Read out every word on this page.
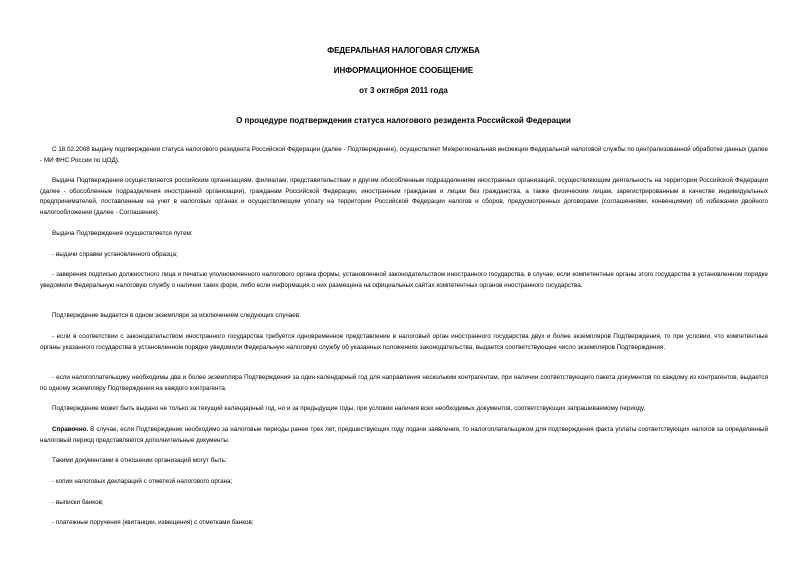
ФЕДЕРАЛЬНАЯ НАЛОГОВАЯ СЛУЖБА
ИНФОРМАЦИОННОЕ СООБЩЕНИЕ
от 3 октября 2011 года
О процедуре подтверждения статуса налогового резидента Российской Федерации

С 18.02.2008 выдачу подтверждения статуса налогового резидента Российской Федерации (далее - Подтверждение), осуществляет Межрегиональная инспекция Федеральной налоговой службы по централизованной обработке данных (далее - МИ ФНС России по ЦОД).

Выдача Подтверждения осуществляется российским организациям, филиалам, представительствам и другим обособленным подразделениям иностранных организаций, осуществляющим деятельность на территории Российской Федерации (далее - обособленные подразделения иностранной организации), гражданам Российской Федерации, иностранным гражданам и лицам без гражданства, а также физическим лицам, зарегистрированным в качестве индивидуальных предпринимателей, поставленным на учет в налоговых органах и осуществляющим уплату на территории Российской Федерации налогов и сборов, предусмотренных договорами (соглашениями, конвенциями) об избежании двойного налогообложения (далее - Соглашения).

Выдача Подтверждения осуществляется путем:

- выдачи справки установленного образца;

- заверения подписью должностного лица и печатью уполномоченного налогового органа формы, установленной законодательством иностранного государства, в случае, если компетентные органы этого государства в установленном порядке уведомили Федеральную налоговую службу о наличии таких форм, либо если информация о них размещена на официальных сайтах компетентных органов иностранного государства.

Подтверждение выдается в одном экземпляре за исключением следующих случаев:

- если в соответствии с законодательством иностранного государства требуется одновременное представление в налоговый орган иностранного государства двух и более экземпляров Подтверждения, то при условии, что компетентные органы указанного государства в установленном порядке уведомили Федеральную налоговую службу об указанных положениях законодательства, выдается соответствующее число экземпляров Подтверждения;

- если налогоплательщику необходимы два и более экземпляра Подтверждения за один календарный год для направления нескольким контрагентам, при наличии соответствующего пакета документов по каждому из контрагентов, выдается по одному экземпляру Подтверждения на каждого контрагента.

Подтверждение может быть выдано не только за текущий календарный год, но и за предыдущие годы, при условии наличия всех необходимых документов, соответствующих запрашиваемому периоду.

Справочно. В случае, если Подтверждение необходимо за налоговые периоды ранее трех лет, предшествующих году подачи заявления, то налогоплательщиком для подтверждения факта уплаты соответствующих налогов за определенный налоговый период представляются дополнительные документы.

Такими документами в отношении организаций могут быть:

- копии налоговых деклараций с отметкой налогового органа;

- выписки банков;

- платежные поручения (квитанции, извещения) с отметками банков;
